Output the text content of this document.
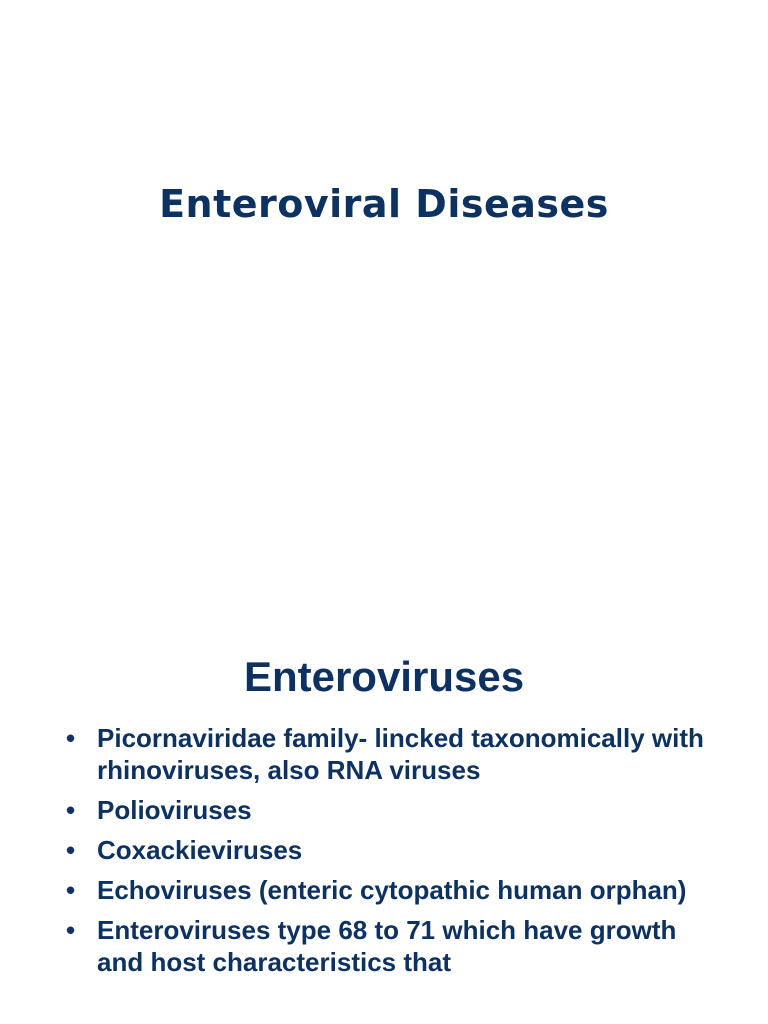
Enteroviral Diseases
Enteroviruses
• Picornaviridae family- lincked taxonomically with rhinoviruses, also RNA viruses
• Polioviruses
• Coxackieviruses
• Echoviruses (enteric cytopathic human orphan)
• Enteroviruses type 68 to 71 which have growth and host characteristics that
